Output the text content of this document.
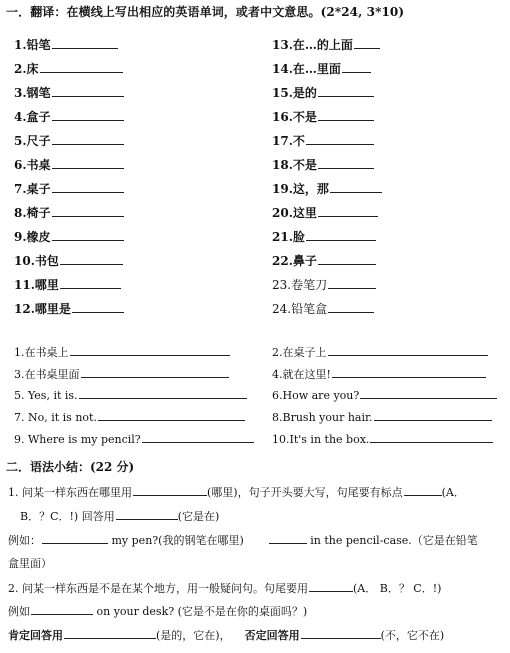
一．翻译：在横线上写出相应的英语单词，或者中文意思。(2*24, 3*10)
1.铅笔
2.床
3.钢笔
4.盒子
5.尺子
6.书桌
7.桌子
8.椅子
9.橡皮
10.书包
11.哪里
12.哪里是
13.在…的上面
14.在…里面
15.是的
16.不是
17.不
18.不是
19.这，那
20.这里
21.脸
22.鼻子
23.卷笔刀
24.铅笔盒
1.在书桌上
3.在书桌里面
5. Yes, it is.
7. No, it is not.
9. Where is my pencil?
2.在桌子上
4.就在这里!
6.How are you?
8.Brush your hair.
10.It's in the box.
二．语法小结：(22 分)
1. 问某一样东西在哪里用	(哪里)，句子开头要大写，句尾要有标点	(A．
B．？C．!) 回答用	(它是在)
例如：	my pen?(我的钢笔在哪里)	in the pencil-case.（它是在铅笔
盒里面）
2. 问某一样东西是不是在某个地方，用一般疑问句。句尾要用	(A． B．？ C．!)
例如	on your desk? (它是不是在你的桌面吗？)
肯定回答用	(是的，它在)， 否定回答用	(不，它不在)
